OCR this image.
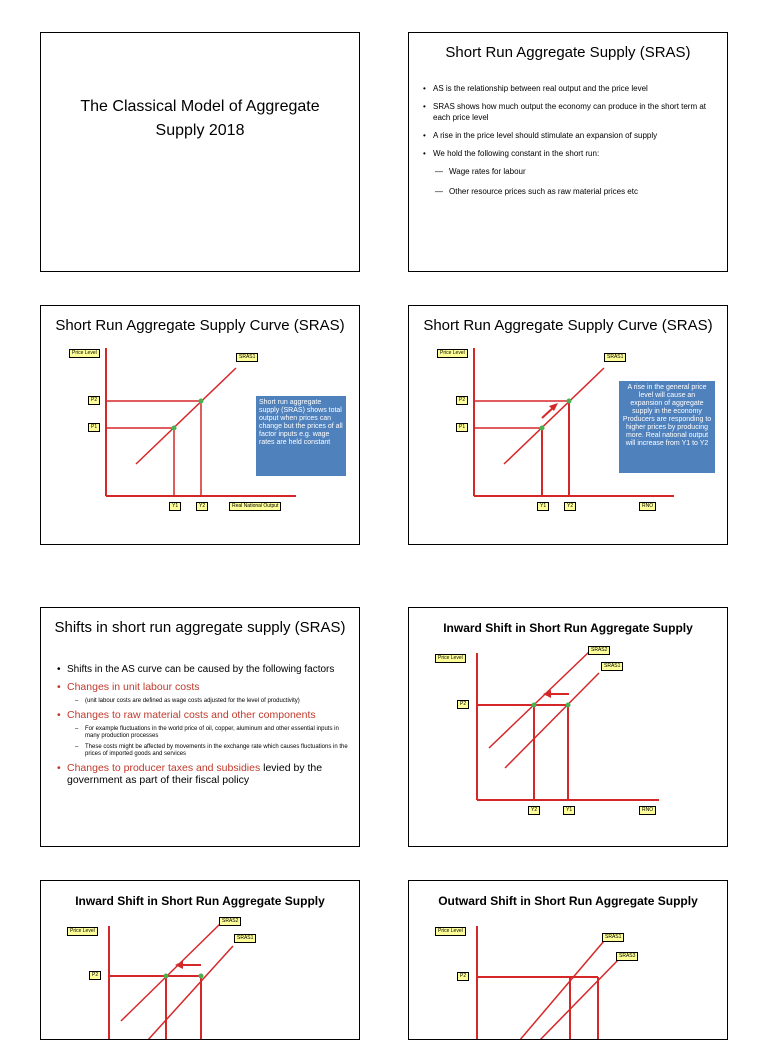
The Classical Model of Aggregate Supply 2018
Short Run Aggregate Supply (SRAS)
• AS is the relationship between real output and the price level
• SRAS shows how much output the economy can produce in the short term at each price level
• A rise in the price level should stimulate an expansion of supply
• We hold the following constant in the short run:
— Wage rates for labour
— Other resource prices such as raw material prices etc
Short Run Aggregate Supply Curve (SRAS)
Price Level
SRAS1
P2
P1
Y1	Y2	Real National Output
Short run aggregate supply (SRAS) shows total output when prices can change but the prices of all factor inputs e.g. wage rates are held constant
Short Run Aggregate Supply Curve (SRAS)
Price Level
SRAS1
P2
P1
Y1	Y2	RNO
A rise in the general price level will cause an expansion of aggregate supply in the economy Producers are responding to higher prices by producing more. Real national output will increase from Y1 to Y2
Shifts in short run aggregate supply (SRAS)
• Shifts in the AS curve can be caused by the following factors
• Changes in unit labour costs
– (unit labour costs are defined as wage costs adjusted for the level of productivity)
• Changes to raw material costs and other components
– For example fluctuations in the world price of oil, copper, aluminum and other essential inputs in many production processes
– These costs might be affected by movements in the exchange rate which causes fluctuations in the prices of imported goods and services
• Changes to producer taxes and subsidies levied by the government as part of their fiscal policy
Inward Shift in Short Run Aggregate Supply
Price Level
SRAS2
SRAS1
P2
Y2	Y1	RNO
Inward Shift in Short Run Aggregate Supply
Price Level
SRAS2
SRAS1
P2
Outward Shift in Short Run Aggregate Supply
Price Level
SRAS1
SRAS3
P2
